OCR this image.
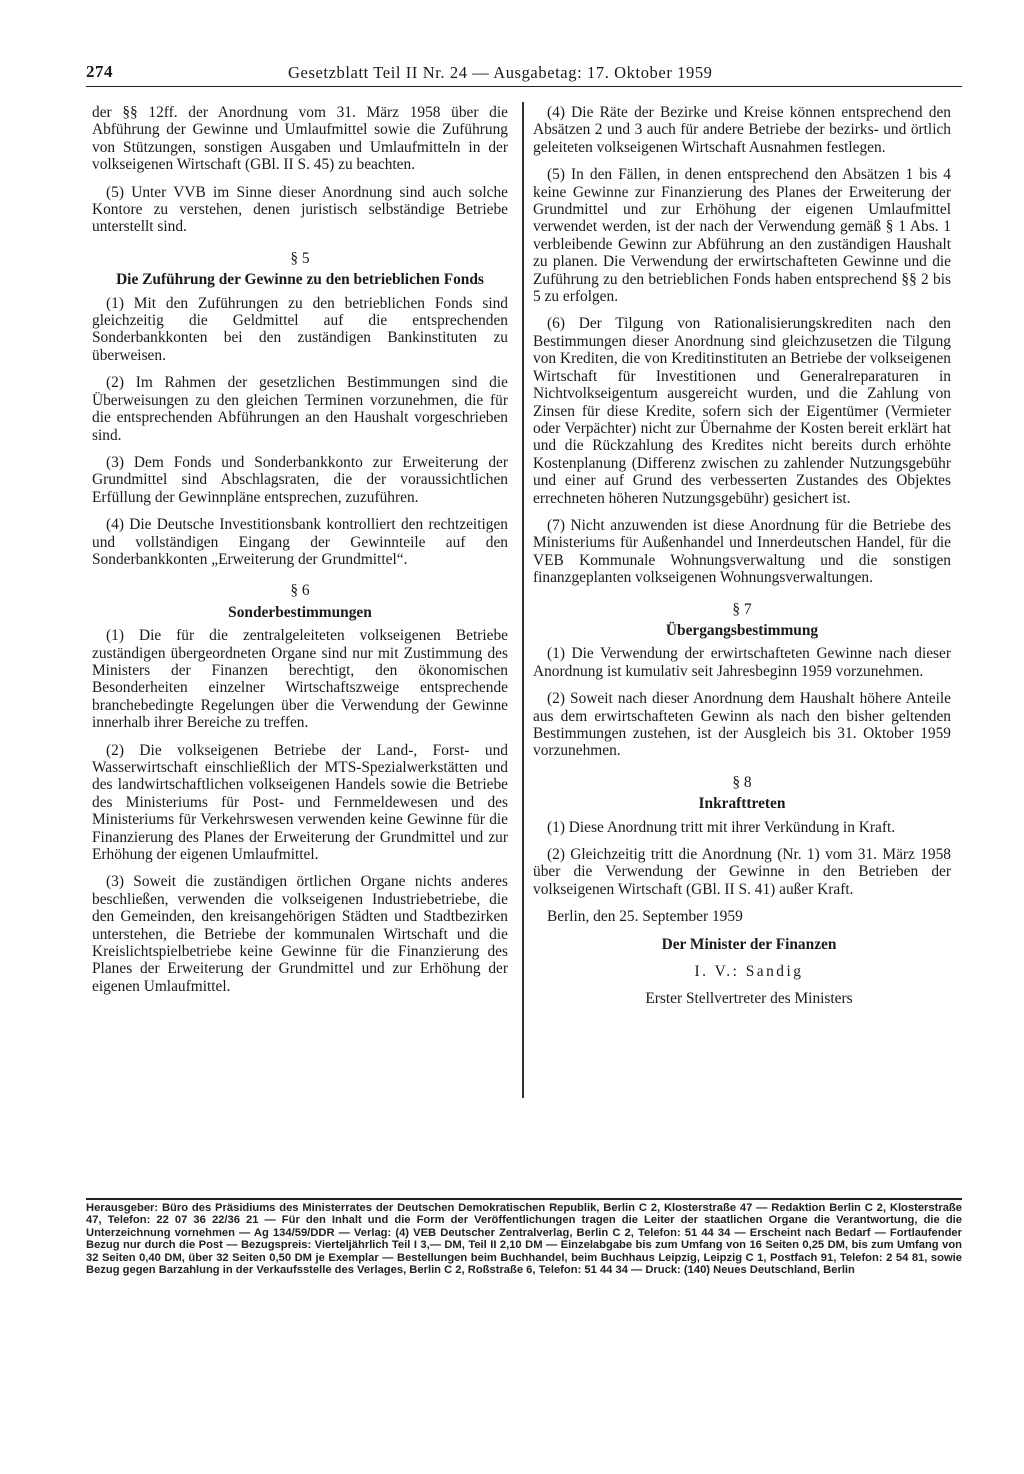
274	Gesetzblatt Teil II Nr. 24 — Ausgabetag: 17. Oktober 1959

der §§ 12ff. der Anordnung vom 31. März 1958 über die Abführung der Gewinne und Umlaufmittel sowie die Zuführung von Stützungen, sonstigen Ausgaben und Umlaufmitteln in der volkseigenen Wirtschaft (GBl. II S. 45) zu beachten.

(5) Unter VVB im Sinne dieser Anordnung sind auch solche Kontore zu verstehen, denen juristisch selbständige Betriebe unterstellt sind.

§ 5
Die Zuführung der Gewinne zu den betrieblichen Fonds

(1) Mit den Zuführungen zu den betrieblichen Fonds sind gleichzeitig die Geldmittel auf die entsprechenden Sonderbankkonten bei den zuständigen Bankinstituten zu überweisen.

(2) Im Rahmen der gesetzlichen Bestimmungen sind die Überweisungen zu den gleichen Terminen vorzunehmen, die für die entsprechenden Abführungen an den Haushalt vorgeschrieben sind.

(3) Dem Fonds und Sonderbankkonto zur Erweiterung der Grundmittel sind Abschlagsraten, die der voraussichtlichen Erfüllung der Gewinnpläne entsprechen, zuzuführen.

(4) Die Deutsche Investitionsbank kontrolliert den rechtzeitigen und vollständigen Eingang der Gewinnteile auf den Sonderbankkonten „Erweiterung der Grundmittel“.

§ 6
Sonderbestimmungen

(1) Die für die zentralgeleiteten volkseigenen Betriebe zuständigen übergeordneten Organe sind nur mit Zustimmung des Ministers der Finanzen berechtigt, den ökonomischen Besonderheiten einzelner Wirtschaftszweige entsprechende branchebedingte Regelungen über die Verwendung der Gewinne innerhalb ihrer Bereiche zu treffen.

(2) Die volkseigenen Betriebe der Land-, Forst- und Wasserwirtschaft einschließlich der MTS-Spezialwerkstätten und des landwirtschaftlichen volkseigenen Handels sowie die Betriebe des Ministeriums für Post- und Fernmeldewesen und des Ministeriums für Verkehrswesen verwenden keine Gewinne für die Finanzierung des Planes der Erweiterung der Grundmittel und zur Erhöhung der eigenen Umlaufmittel.

(3) Soweit die zuständigen örtlichen Organe nichts anderes beschließen, verwenden die volkseigenen Industriebetriebe, die den Gemeinden, den kreisangehörigen Städten und Stadtbezirken unterstehen, die Betriebe der kommunalen Wirtschaft und die Kreislichtspielbetriebe keine Gewinne für die Finanzierung des Planes der Erweiterung der Grundmittel und zur Erhöhung der eigenen Umlaufmittel.

(4) Die Räte der Bezirke und Kreise können entsprechend den Absätzen 2 und 3 auch für andere Betriebe der bezirks- und örtlich geleiteten volkseigenen Wirtschaft Ausnahmen festlegen.

(5) In den Fällen, in denen entsprechend den Absätzen 1 bis 4 keine Gewinne zur Finanzierung des Planes der Erweiterung der Grundmittel und zur Erhöhung der eigenen Umlaufmittel verwendet werden, ist der nach der Verwendung gemäß § 1 Abs. 1 verbleibende Gewinn zur Abführung an den zuständigen Haushalt zu planen. Die Verwendung der erwirtschafteten Gewinne und die Zuführung zu den betrieblichen Fonds haben entsprechend §§ 2 bis 5 zu erfolgen.

(6) Der Tilgung von Rationalisierungskrediten nach den Bestimmungen dieser Anordnung sind gleichzusetzen die Tilgung von Krediten, die von Kreditinstituten an Betriebe der volkseigenen Wirtschaft für Investitionen und Generalreparaturen in Nichtvolkseigentum ausgereicht wurden, und die Zahlung von Zinsen für diese Kredite, sofern sich der Eigentümer (Vermieter oder Verpächter) nicht zur Übernahme der Kosten bereit erklärt hat und die Rückzahlung des Kredites nicht bereits durch erhöhte Kostenplanung (Differenz zwischen zu zahlender Nutzungsgebühr und einer auf Grund des verbesserten Zustandes des Objektes errechneten höheren Nutzungsgebühr) gesichert ist.

(7) Nicht anzuwenden ist diese Anordnung für die Betriebe des Ministeriums für Außenhandel und Innerdeutschen Handel, für die VEB Kommunale Wohnungsverwaltung und die sonstigen finanzgeplanten volkseigenen Wohnungsverwaltungen.

§ 7
Übergangsbestimmung

(1) Die Verwendung der erwirtschafteten Gewinne nach dieser Anordnung ist kumulativ seit Jahresbeginn 1959 vorzunehmen.

(2) Soweit nach dieser Anordnung dem Haushalt höhere Anteile aus dem erwirtschafteten Gewinn als nach den bisher geltenden Bestimmungen zustehen, ist der Ausgleich bis 31. Oktober 1959 vorzunehmen.

§ 8
Inkrafttreten

(1) Diese Anordnung tritt mit ihrer Verkündung in Kraft.

(2) Gleichzeitig tritt die Anordnung (Nr. 1) vom 31. März 1958 über die Verwendung der Gewinne in den Betrieben der volkseigenen Wirtschaft (GBl. II S. 41) außer Kraft.

Berlin, den 25. September 1959

Der Minister der Finanzen

I. V.: Sandig

Erster Stellvertreter des Ministers

Herausgeber: Büro des Präsidiums des Ministerrates der Deutschen Demokratischen Republik, Berlin C 2, Klosterstraße 47 — Redaktion Berlin C 2, Klosterstraße 47, Telefon: 22 07 36 22/36 21 — Für den Inhalt und die Form der Veröffentlichungen tragen die Leiter der staatlichen Organe die Verantwortung, die die Unterzeichnung vornehmen — Ag 134/59/DDR — Verlag: (4) VEB Deutscher Zentralverlag, Berlin C 2, Telefon: 51 44 34 — Erscheint nach Bedarf — Fortlaufender Bezug nur durch die Post — Bezugspreis: Vierteljährlich Teil I 3,— DM, Teil II 2,10 DM — Einzelabgabe bis zum Umfang von 16 Seiten 0,25 DM, bis zum Umfang von 32 Seiten 0,40 DM, über 32 Seiten 0,50 DM je Exemplar — Bestellungen beim Buchhandel, beim Buchhaus Leipzig, Leipzig C 1, Postfach 91, Telefon: 2 54 81, sowie Bezug gegen Barzahlung in der Verkaufsstelle des Verlages, Berlin C 2, Roßstraße 6, Telefon: 51 44 34 — Druck: (140) Neues Deutschland, Berlin
